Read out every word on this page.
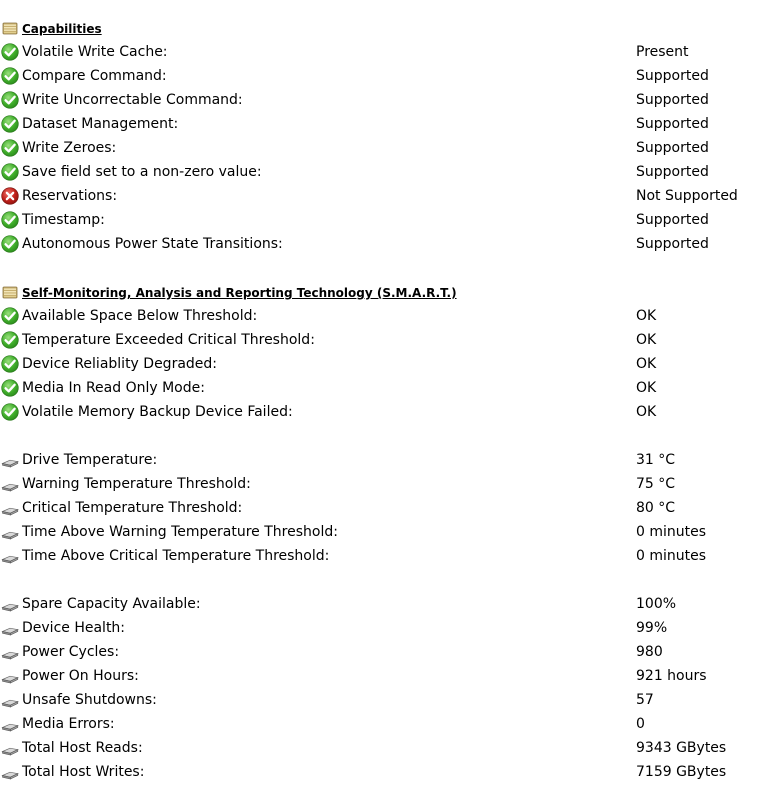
Capabilities
Volatile Write Cache:	Present
Compare Command:	Supported
Write Uncorrectable Command:	Supported
Dataset Management:	Supported
Write Zeroes:	Supported
Save field set to a non-zero value:	Supported
Reservations:	Not Supported
Timestamp:	Supported
Autonomous Power State Transitions:	Supported
Self-Monitoring, Analysis and Reporting Technology (S.M.A.R.T.)
Available Space Below Threshold:	OK
Temperature Exceeded Critical Threshold:	OK
Device Reliablity Degraded:	OK
Media In Read Only Mode:	OK
Volatile Memory Backup Device Failed:	OK
Drive Temperature:	31 °C
Warning Temperature Threshold:	75 °C
Critical Temperature Threshold:	80 °C
Time Above Warning Temperature Threshold:	0 minutes
Time Above Critical Temperature Threshold:	0 minutes
Spare Capacity Available:	100%
Device Health:	99%
Power Cycles:	980
Power On Hours:	921 hours
Unsafe Shutdowns:	57
Media Errors:	0
Total Host Reads:	9343 GBytes
Total Host Writes:	7159 GBytes
